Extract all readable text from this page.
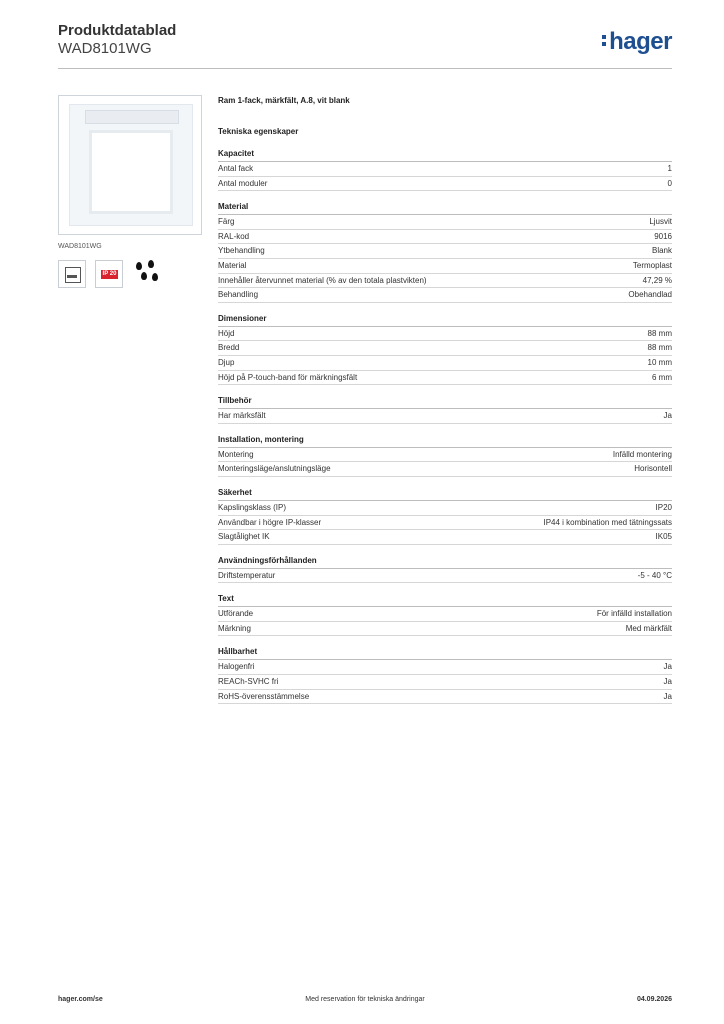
Produktdatablad
WAD8101WG	hager
WAD8101WG
IP 20
Ram 1-fack, märkfält, A.8, vit blank
Tekniska egenskaper
Kapacitet
Antal fack	1
Antal moduler	0
Material
Färg	Ljusvit
RAL-kod	9016
Ytbehandling	Blank
Material	Termoplast
Innehåller återvunnet material (% av den totala plastvikten)	47,29 %
Behandling	Obehandlad
Dimensioner
Höjd	88 mm
Bredd	88 mm
Djup	10 mm
Höjd på P-touch-band för märkningsfält	6 mm
Tillbehör
Har märksfält	Ja
Installation, montering
Montering	Infälld montering
Monteringsläge/anslutningsläge	Horisontell
Säkerhet
Kapslingsklass (IP)	IP20
Användbar i högre IP-klasser	IP44 i kombination med tätningssats
Slagtålighet IK	IK05
Användningsförhållanden
Driftstemperatur	-5 - 40 °C
Text
Utförande	För infälld installation
Märkning	Med märkfält
Hållbarhet
Halogenfri	Ja
REACh-SVHC fri	Ja
RoHS-överensstämmelse	Ja
hager.com/se	Med reservation för tekniska ändringar	04.09.2026
